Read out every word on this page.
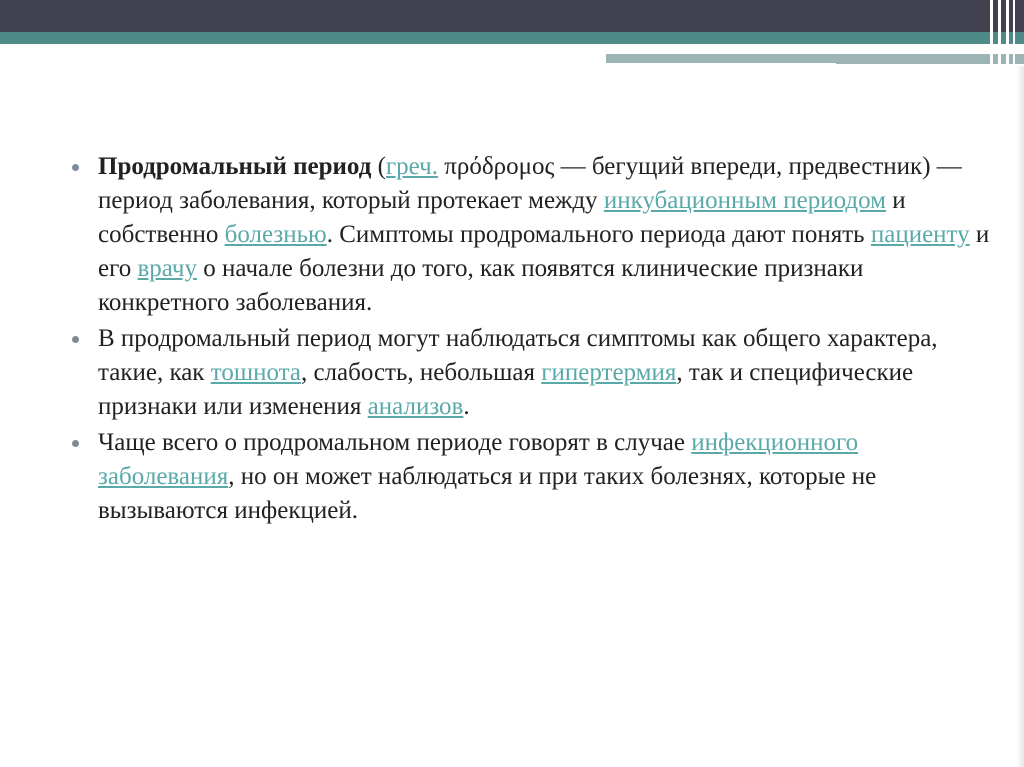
Продромальный период (греч. πρόδρομος — бегущий впереди, предвестник) — период заболевания, который протекает между инкубационным периодом и собственно болезнью. Симптомы продромального периода дают понять пациенту и его врачу о начале болезни до того, как появятся клинические признаки конкретного заболевания.
В продромальный период могут наблюдаться симптомы как общего характера, такие, как тошнота, слабость, небольшая гипертермия, так и специфические признаки или изменения анализов.
Чаще всего о продромальном периоде говорят в случае инфекционного заболевания, но он может наблюдаться и при таких болезнях, которые не вызываются инфекцией.
